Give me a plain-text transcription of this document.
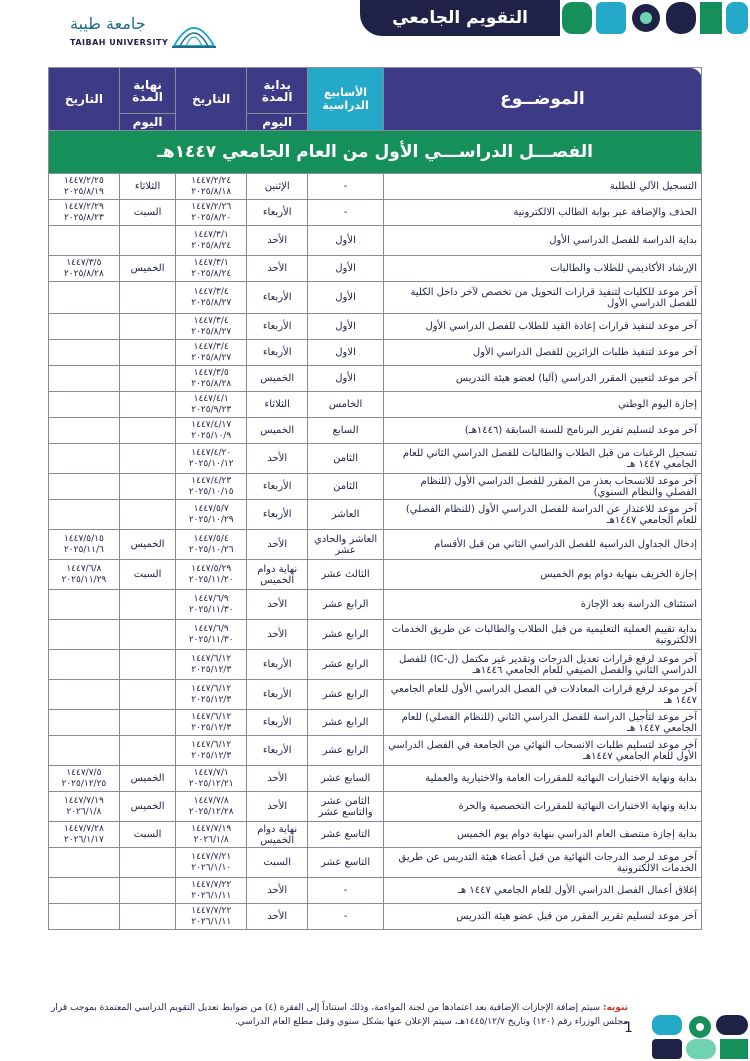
التقويم الجامعي
جامعة طيبة
TAIBAH UNIVERSITY
الموضــوع	الأسابيع الدراسية	بداية المدة	التاريخ	نهاية المدة	التاريخ
		اليوم		اليوم	
الفصـــل الدراســـي الأول من العام الجامعي ١٤٤٧هـ					
التسجيل الآلي للطلبة	-	الإثنين	١٤٤٧/٢/٢٤ ٢٠٢٥/٨/١٨	الثلاثاء	١٤٤٧/٢/٢٥ ٢٠٢٥/٨/١٩
الحذف والإضافة عبر بوابة الطالب الالكترونية	-	الأربعاء	١٤٤٧/٢/٢٦ ٢٠٢٥/٨/٢٠	السبت	١٤٤٧/٢/٢٩ ٢٠٢٥/٨/٢٣
بداية الدراسة للفصل الدراسي الأول	الأول	الأحد	١٤٤٧/٣/١ ٢٠٢٥/٨/٢٤		
الإرشاد الأكاديمي للطلاب والطالبات	الأول	الأحد	١٤٤٧/٣/١ ٢٠٢٥/٨/٢٤	الخميس	١٤٤٧/٣/٥ ٢٠٢٥/٨/٢٨
آخر موعد للكليات لتنفيذ قرارات التحويل من تخصص لآخر داخل الكلية للفصل الدراسي الأول	الأول	الأربعاء	١٤٤٧/٣/٤ ٢٠٢٥/٨/٢٧		
آخر موعد لتنفيذ قرارات إعادة القيد للطلاب للفصل الدراسي الأول	الأول	الأربعاء	١٤٤٧/٣/٤ ٢٠٢٥/٨/٢٧		
آخر موعد لتنفيذ طلبات الزائرين للفصل الدراسي الأول	الاول	الأربعاء	١٤٤٧/٣/٤ ٢٠٢٥/٨/٢٧		
آخر موعد لتعيين المقرر الدراسي (آليا) لعضو هيئة التدريس	الأول	الخميس	١٤٤٧/٣/٥ ٢٠٢٥/٨/٢٨		
إجازة اليوم الوطني	الخامس	الثلاثاء	١٤٤٧/٤/١ ٢٠٢٥/٩/٢٣		
آخر موعد لتسليم تقرير البرنامج للسنة السابقة (١٤٤٦هـ)	السابع	الخميس	١٤٤٧/٤/١٧ ٢٠٢٥/١٠/٩		
تسجيل الرغبات من قبل الطلاب والطالبات للفصل الدراسي الثاني للعام الجامعي ١٤٤٧ هـ	الثامن	الأحد	١٤٤٧/٤/٢٠ ٢٠٢٥/١٠/١٢		
آخر موعد للانسحاب بعذر من المقرر للفصل الدراسي الأول (للنظام الفصلي والنظام السنوي)	الثامن	الأربعاء	١٤٤٧/٤/٢٣ ٢٠٢٥/١٠/١٥		
آخر موعد للاعتذار عن الدراسة للفصل الدراسي الأول (للنظام الفصلي) للعام الجامعي ١٤٤٧هـ	العاشر	الأربعاء	١٤٤٧/٥/٧ ٢٠٢٥/١٠/٢٩		
إدخال الجداول الدراسية للفصل الدراسي الثاني من قبل الأقسام	العاشر والحادي عشر	الأحد	١٤٤٧/٥/٤ ٢٠٢٥/١٠/٢٦	الخميس	١٤٤٧/٥/١٥ ٢٠٢٥/١١/٦
إجازة الخريف بنهاية دوام يوم الخميس	الثالث عشر	نهاية دوام الخميس	١٤٤٧/٥/٢٩ ٢٠٢٥/١١/٢٠	السبت	١٤٤٧/٦/٨ ٢٠٢٥/١١/٢٩
استئناف الدراسة بعد الإجازة	الرابع عشر	الأحد	١٤٤٧/٦/٩ ٢٠٢٥/١١/٣٠		
بداية تقييم العملية التعليمية من قبل الطلاب والطالبات عن طريق الخدمات الالكترونية	الرابع عشر	الأحد	١٤٤٧/٦/٩ ٢٠٢٥/١١/٣٠		
آخر موعد لرفع قرارات تعديل الدرجات وتقدير غير مكتمل (ل-IC) للفصل الدراسي الثاني والفصل الصيفي للعام الجامعي ١٤٤٦هـ	الرابع عشر	الأربعاء	١٤٤٧/٦/١٢ ٢٠٢٥/١٢/٣		
آخر موعد لرفع قرارات المعادلات في الفصل الدراسي الأول للعام الجامعي ١٤٤٧ هـ	الرابع عشر	الأربعاء	١٤٤٧/٦/١٢ ٢٠٢٥/١٢/٣		
آخر موعد لتأجيل الدراسة للفصل الدراسي الثاني (للنظام الفصلي) للعام الجامعي ١٤٤٧ هـ	الرابع عشر	الأربعاء	١٤٤٧/٦/١٢ ٢٠٢٥/١٢/٣		
آخر موعد لتسليم طلبات الانسحاب النهائي من الجامعة في الفصل الدراسي الأول للعام الجامعي ١٤٤٧هـ	الرابع عشر	الأربعاء	١٤٤٧/٦/١٢ ٢٠٢٥/١٢/٣		
بداية ونهاية الاختبارات النهائية للمقررات العامة والاختيارية والعملية	السابع عشر	الأحد	١٤٤٧/٧/١ ٢٠٢٥/١٢/٢١	الخميس	١٤٤٧/٧/٥ ٢٠٢٥/١٢/٢٥
بداية ونهاية الاختبارات النهائية للمقررات التخصصية والحرة	الثامن عشر والتاسع عشر	الأحد	١٤٤٧/٧/٨ ٢٠٢٥/١٢/٢٨	الخميس	١٤٤٧/٧/١٩ ٢٠٢٦/١/٨
بداية إجازة منتصف العام الدراسي بنهاية دوام يوم الخميس	التاسع عشر	نهاية دوام الخميس	١٤٤٧/٧/١٩ ٢٠٢٦/١/٨	السبت	١٤٤٧/٧/٢٨ ٢٠٢٦/١/١٧
آخر موعد لرصد الدرجات النهائية من قبل أعضاء هيئة التدريس عن طريق الخدمات الالكترونية	التاسع عشر	السبت	١٤٤٧/٧/٢١ ٢٠٢٦/١/١٠		
إغلاق أعمال الفصل الدراسي الأول للعام الجامعي ١٤٤٧ هـ	-	الأحد	١٤٤٧/٧/٢٢ ٢٠٢٦/١/١١		
آخر موعد لتسليم تقرير المقرر من قبل عضو هيئة التدريس	-	الأحد	١٤٤٧/٧/٢٢ ٢٠٢٦/١/١١		
تنويه: سيتم إضافة الإجازات الإضافية بعد اعتمادها من لجنة المواءمة، وذلك استناداً إلى الفقرة (٤) من ضوابط تعديل التقويم الدراسي المعتمدة بموجب قرار مجلس الوزراء رقم (١٢٠) وتاريخ ١٤٤٥/١٢/٧هـ، سيتم الإعلان عنها بشكل سنوي وقبل مطلع العام الدراسي.
1
